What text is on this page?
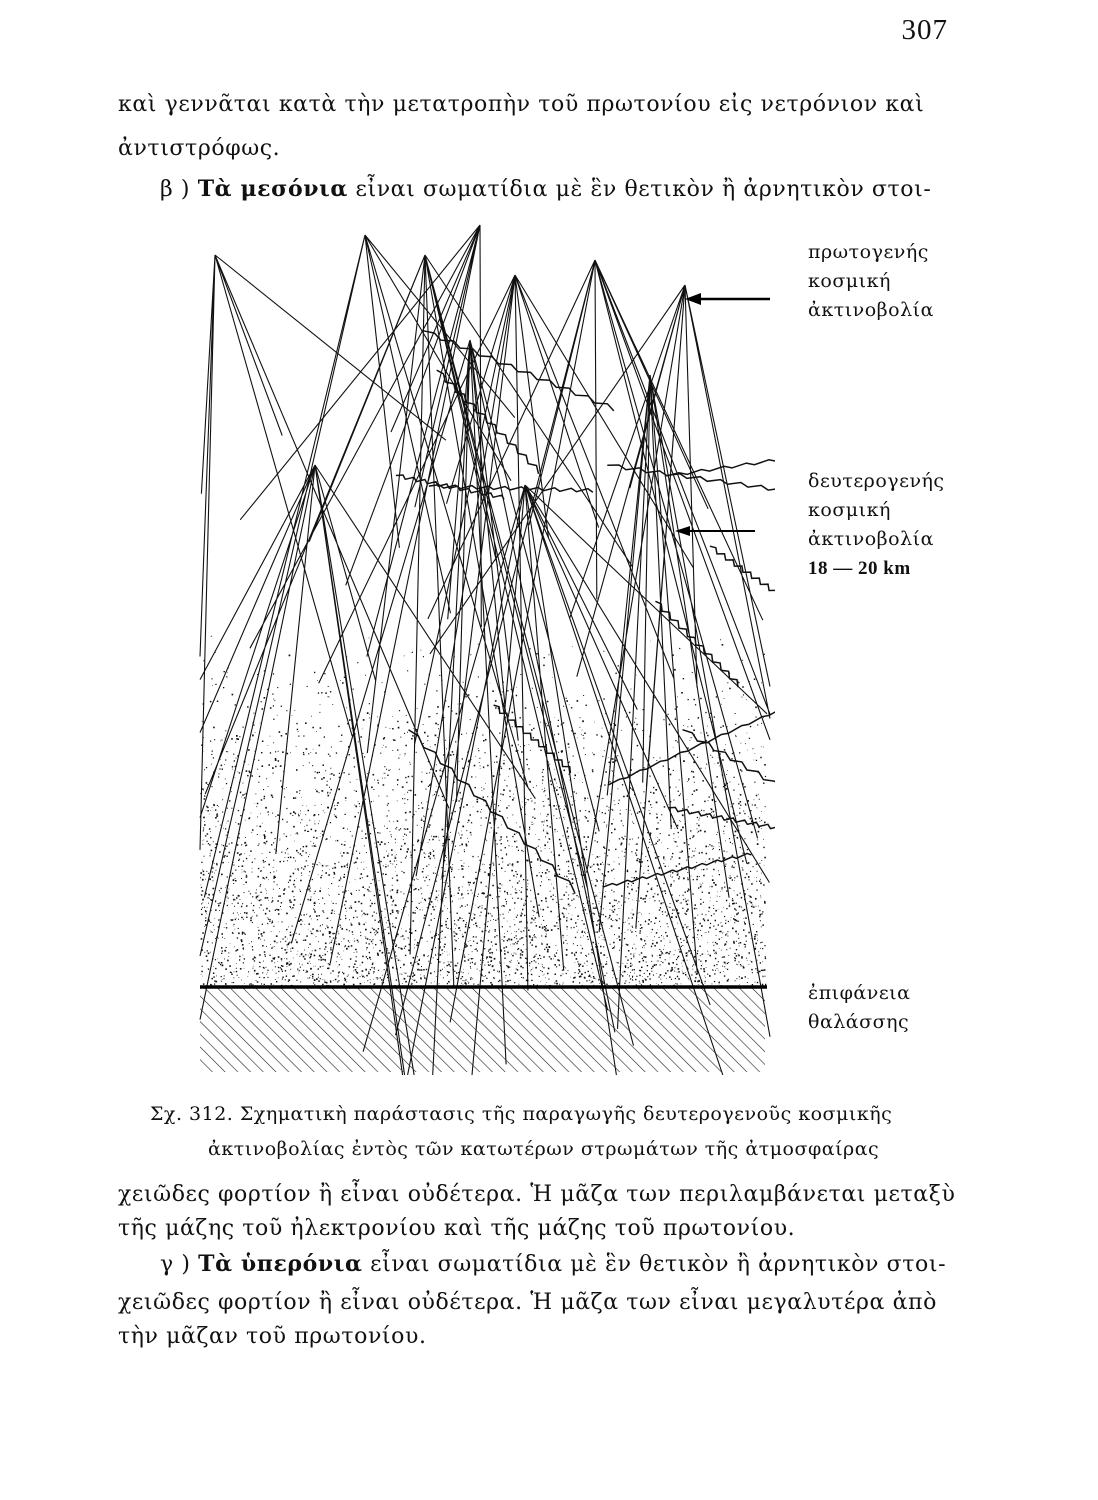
307
καὶ γεννᾶται κατὰ τὴν μετατροπὴν τοῦ πρωτονίου εἰς νετρόνιον καὶ
ἀντιστρόφως.
β ) Τὰ μεσόνια εἶναι σωματίδια μὲ ἓν θετικὸν ἢ ἀρνητικὸν στοι-
πρωτογενής
κοσμική
ἀκτινοβολία
δευτερογενής
κοσμική
ἀκτινοβολία
18 — 20 km
ἐπιφάνεια
θαλάσσης
Σχ. 312. Σχηματικὴ παράστασις τῆς παραγωγῆς δευτερογενοῦς κοσμικῆς
ἀκτινοβολίας ἐντὸς τῶν κατωτέρων στρωμάτων τῆς ἀτμοσφαίρας
χειῶδες φορτίον ἢ εἶναι οὐδέτερα. Ἡ μᾶζα των περιλαμβάνεται μεταξὺ
τῆς μάζης τοῦ ἠλεκτρονίου καὶ τῆς μάζης τοῦ πρωτονίου.
γ ) Τὰ ὑπερόνια εἶναι σωματίδια μὲ ἓν θετικὸν ἢ ἀρνητικὸν στοι-
χειῶδες φορτίον ἢ εἶναι οὐδέτερα. Ἡ μᾶζα των εἶναι μεγαλυτέρα ἀπὸ
τὴν μᾶζαν τοῦ πρωτονίου.
